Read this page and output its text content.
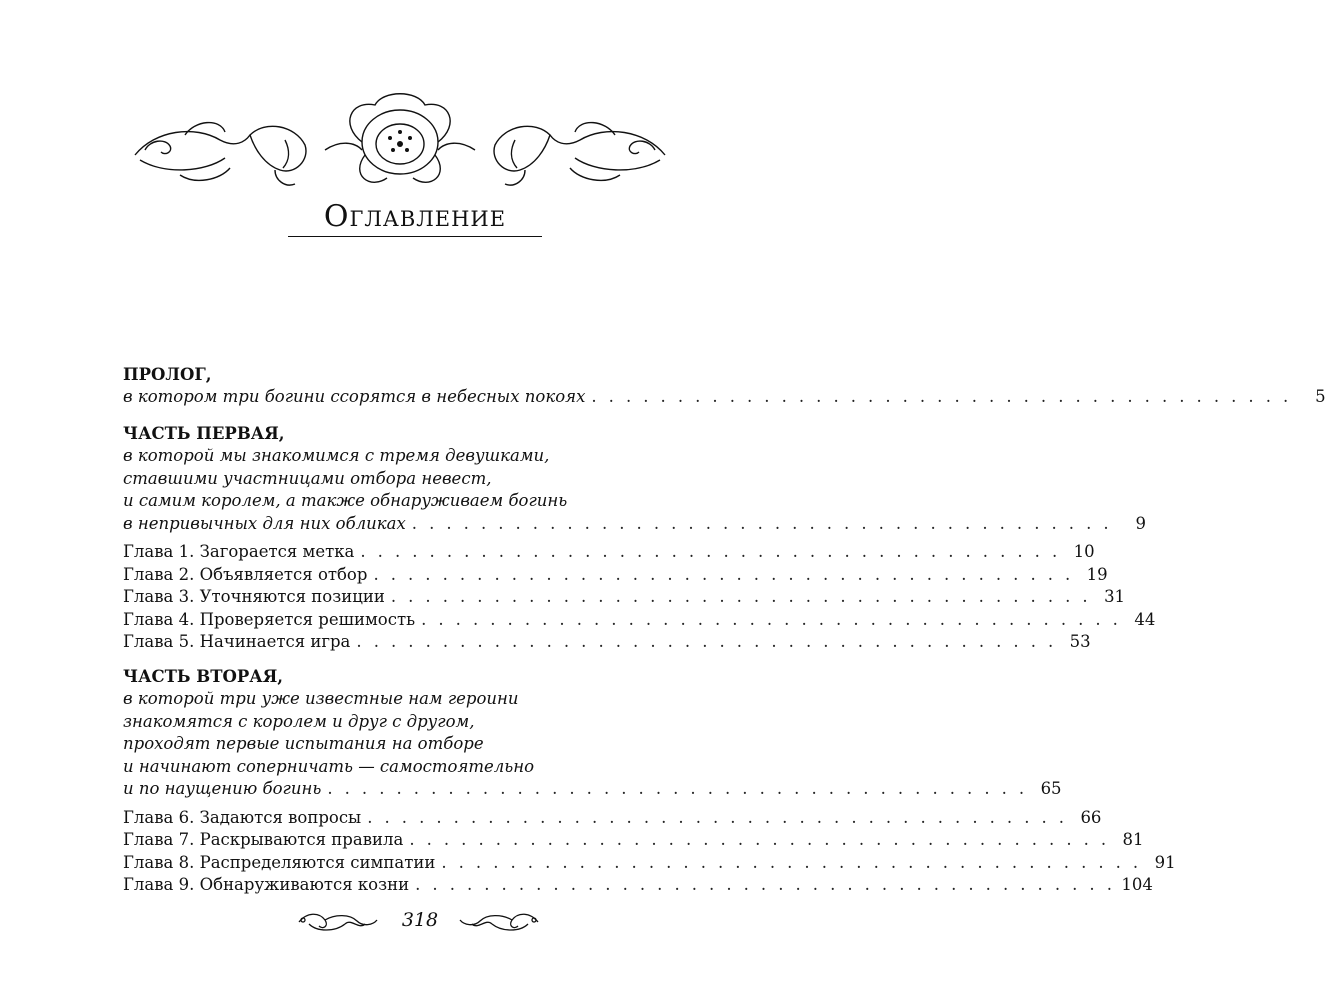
Оглавление
ПРОЛОГ,
в котором три богини ссорятся в небесных покоях . . . . . . . . . . . . . . . . . . . . . . . . . . . . . . . . . . . . . . . . .	5
ЧАСТЬ ПЕРВАЯ,
в которой мы знакомимся с тремя девушками,
ставшими участницами отбора невест,
и самим королем, а также обнаруживаем богинь
в непривычных для них обликах . . . . . . . . . . . . . . . . . . . . . . . . . . . . . . . . . . . . . . . . .	9
Глава 1. Загорается метка . . . . . . . . . . . . . . . . . . . . . . . . . . . . . . . . . . . . . . . . . 10
Глава 2. Объявляется отбор . . . . . . . . . . . . . . . . . . . . . . . . . . . . . . . . . . . . . . . . . 19
Глава 3. Уточняются позиции . . . . . . . . . . . . . . . . . . . . . . . . . . . . . . . . . . . . . . . . . 31
Глава 4. Проверяется решимость . . . . . . . . . . . . . . . . . . . . . . . . . . . . . . . . . . . . . . . . . 44
Глава 5. Начинается игра . . . . . . . . . . . . . . . . . . . . . . . . . . . . . . . . . . . . . . . . . 53
ЧАСТЬ ВТОРАЯ,
в которой три уже известные нам героини
знакомятся с королем и друг с другом,
проходят первые испытания на отборе
и начинают соперничать — самостоятельно
и по наущению богинь . . . . . . . . . . . . . . . . . . . . . . . . . . . . . . . . . . . . . . . . . 65
Глава 6. Задаются вопросы . . . . . . . . . . . . . . . . . . . . . . . . . . . . . . . . . . . . . . . . . 66
Глава 7. Раскрываются правила . . . . . . . . . . . . . . . . . . . . . . . . . . . . . . . . . . . . . . . . . 81
Глава 8. Распределяются симпатии . . . . . . . . . . . . . . . . . . . . . . . . . . . . . . . . . . . . . . . . . 91
Глава 9. Обнаруживаются козни . . . . . . . . . . . . . . . . . . . . . . . . . . . . . . . . . . . . . . . . . 104
318
